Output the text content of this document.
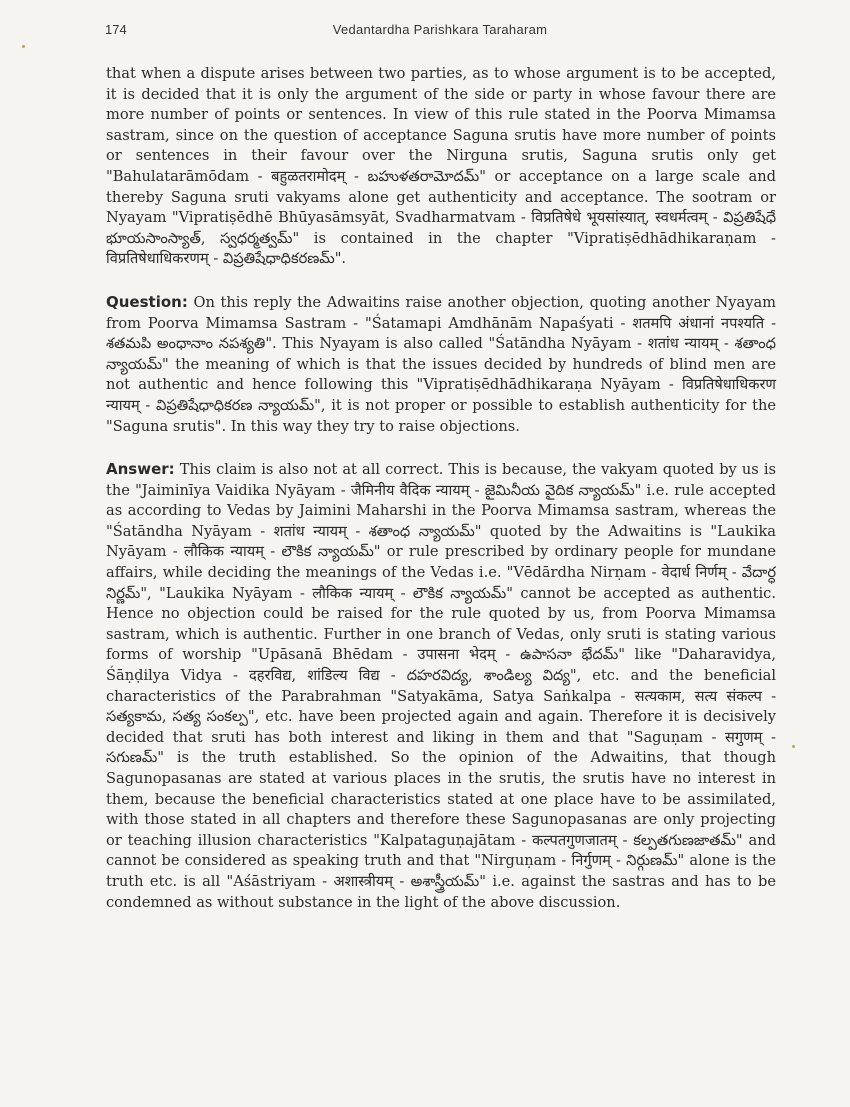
174	Vedantardha Parishkara Taraharam

that when a dispute arises between two parties, as to whose argument is to be accepted, it is decided that it is only the argument of the side or party in whose favour there are more number of points or sentences. In view of this rule stated in the Poorva Mimamsa sastram, since on the question of acceptance Saguna srutis have more number of points or sentences in their favour over the Nirguna srutis, Saguna srutis only get "Bahulatarāmōdam - बहुळतरामोदम् - బహుళతరామోదమ్" or acceptance on a large scale and thereby Saguna sruti vakyams alone get authenticity and acceptance. The sootram or Nyayam "Vipratiṣēdhē Bhūyasāmsyāt, Svadharmatvam - विप्रतिषेधे भूयसांस्यात्, स्वधर्मत्वम् - విప్రతిషేధే భూయసాంస్యాత్, స్వధర్మత్వమ్" is contained in the chapter "Vipratiṣēdhādhikaraṇam - विप्रतिषेधाधिकरणम् - విప్రతిషేధాధికరణమ్".

Question: On this reply the Adwaitins raise another objection, quoting another Nyayam from Poorva Mimamsa Sastram - "Śatamapi Amdhānām Napaśyati - शतमपि अंधानां नपश्यति - శతమపి అంధానాం నపశ్యతి". This Nyayam is also called "Śatāndha Nyāyam - शतांध न्यायम् - శతాంధ న్యాయమ్" the meaning of which is that the issues decided by hundreds of blind men are not authentic and hence following this "Vipratiṣēdhādhikaraṇa Nyāyam - विप्रतिषेधाधिकरण न्यायम् - విప్రతిషేధాధికరణ న్యాయమ్", it is not proper or possible to establish authenticity for the "Saguna srutis". In this way they try to raise objections.

Answer: This claim is also not at all correct. This is because, the vakyam quoted by us is the "Jaiminīya Vaidika Nyāyam - जैमिनीय वैदिक न्यायम् - జైమినీయ వైదిక న్యాయమ్" i.e. rule accepted as according to Vedas by Jaimini Maharshi in the Poorva Mimamsa sastram, whereas the "Śatāndha Nyāyam - शतांध न्यायम् - శతాంధ న్యాయమ్" quoted by the Adwaitins is "Laukika Nyāyam - लौकिक न्यायम् - లౌకిక న్యాయమ్" or rule prescribed by ordinary people for mundane affairs, while deciding the meanings of the Vedas i.e. "Vēdārdha Nirṇam - वेदार्ध निर्णम् - వేదార్ధ నిర్ణమ్", "Laukika Nyāyam - लौकिक न्यायम् - లౌకిక న్యాయమ్" cannot be accepted as authentic. Hence no objection could be raised for the rule quoted by us, from Poorva Mimamsa sastram, which is authentic. Further in one branch of Vedas, only sruti is stating various forms of worship "Upāsanā Bhēdam - उपासना भेदम् - ఉపాసనా భేదమ్" like "Daharavidya, Śāṇḍilya Vidya - दहरविद्य, शांडिल्य विद्य - దహరవిద్య, శాండిల్య విద్య", etc. and the beneficial characteristics of the Parabrahman "Satyakāma, Satya Saṅkalpa - सत्यकाम, सत्य संकल्प - సత్యకామ, సత్య సంకల్ప", etc. have been projected again and again. Therefore it is decisively decided that sruti has both interest and liking in them and that "Saguṇam - सगुणम् - సగుణమ్" is the truth established. So the opinion of the Adwaitins, that though Sagunopasanas are stated at various places in the srutis, the srutis have no interest in them, because the beneficial characteristics stated at one place have to be assimilated, with those stated in all chapters and therefore these Sagunopasanas are only projecting or teaching illusion characteristics "Kalpataguṇajātam - कल्पतगुणजातम् - కల్పతగుణజాతమ్" and cannot be considered as speaking truth and that "Nirguṇam - निर्गुणम् - నిర్గుణమ్" alone is the truth etc. is all "Aśāstriyam - अशास्त्रीयम् - అశాస్త్రీయమ్" i.e. against the sastras and has to be condemned as without substance in the light of the above discussion.
